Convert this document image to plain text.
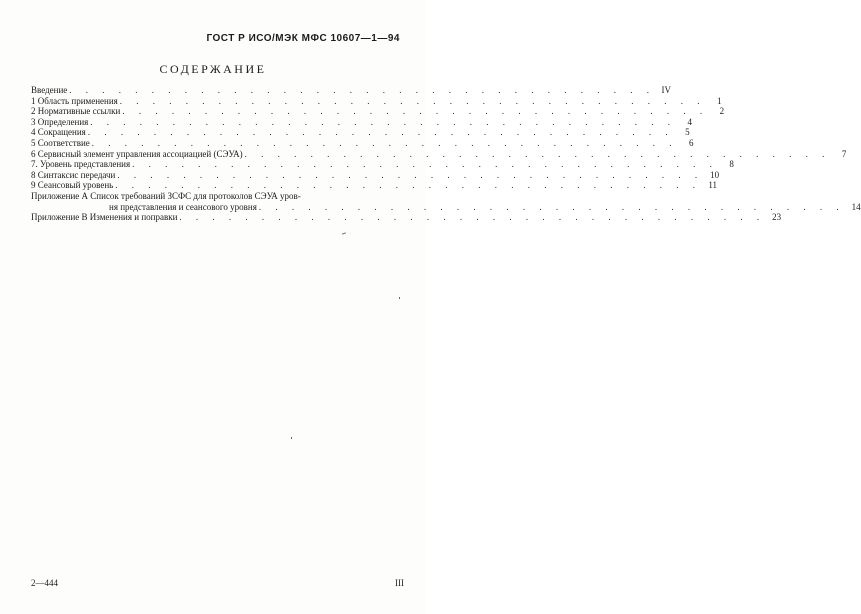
ГОСТ Р ИСО/МЭК МФС 10607—1—94
СОДЕРЖАНИЕ
Введение . . . . . . . . . . . . . . . . . . . . . . . . . . . . . . . . . . . . IV
1 Область применения . . . . . . . . . . . . . . . . . . . . . . . . . . . . . . . . . . . .	1
2 Нормативные ссылки . . . . . . . . . . . . . . . . . . . . . . . . . . . . . . . . . . . .	2
3 Определения . . . . . . . . . . . . . . . . . . . . . . . . . . . . . . . . . . . .	4
4 Сокращения . . . . . . . . . . . . . . . . . . . . . . . . . . . . . . . . . . . .	5
5 Соответствие . . . . . . . . . . . . . . . . . . . . . . . . . . . . . . . . . . . .	6
6 Сервисный элемент управления ассоциацией (СЭУА) . . . . . . . . . . . . . . . . . . . . . . . . . . . . . . . . . . . .	7
7. Уровень представления . . . . . . . . . . . . . . . . . . . . . . . . . . . . . . . . . . . .	8
8 Синтаксис передачи . . . . . . . . . . . . . . . . . . . . . . . . . . . . . . . . . . . . 10
9 Сеансовый уровень . . . . . . . . . . . . . . . . . . . . . . . . . . . . . . . . . . . . 11
Приложение А Список требований ЗСФС для протоколов СЭУА уров-
ня представления и сеансового уровня . . . . . . . . . . . . . . . . . . . . . . . . . . . . . . . . . . . . 14
Приложение В Изменения и поправки . . . . . . . . . . . . . . . . . . . . . . . . . . . . . . . . . . . . 23
2—444	III
